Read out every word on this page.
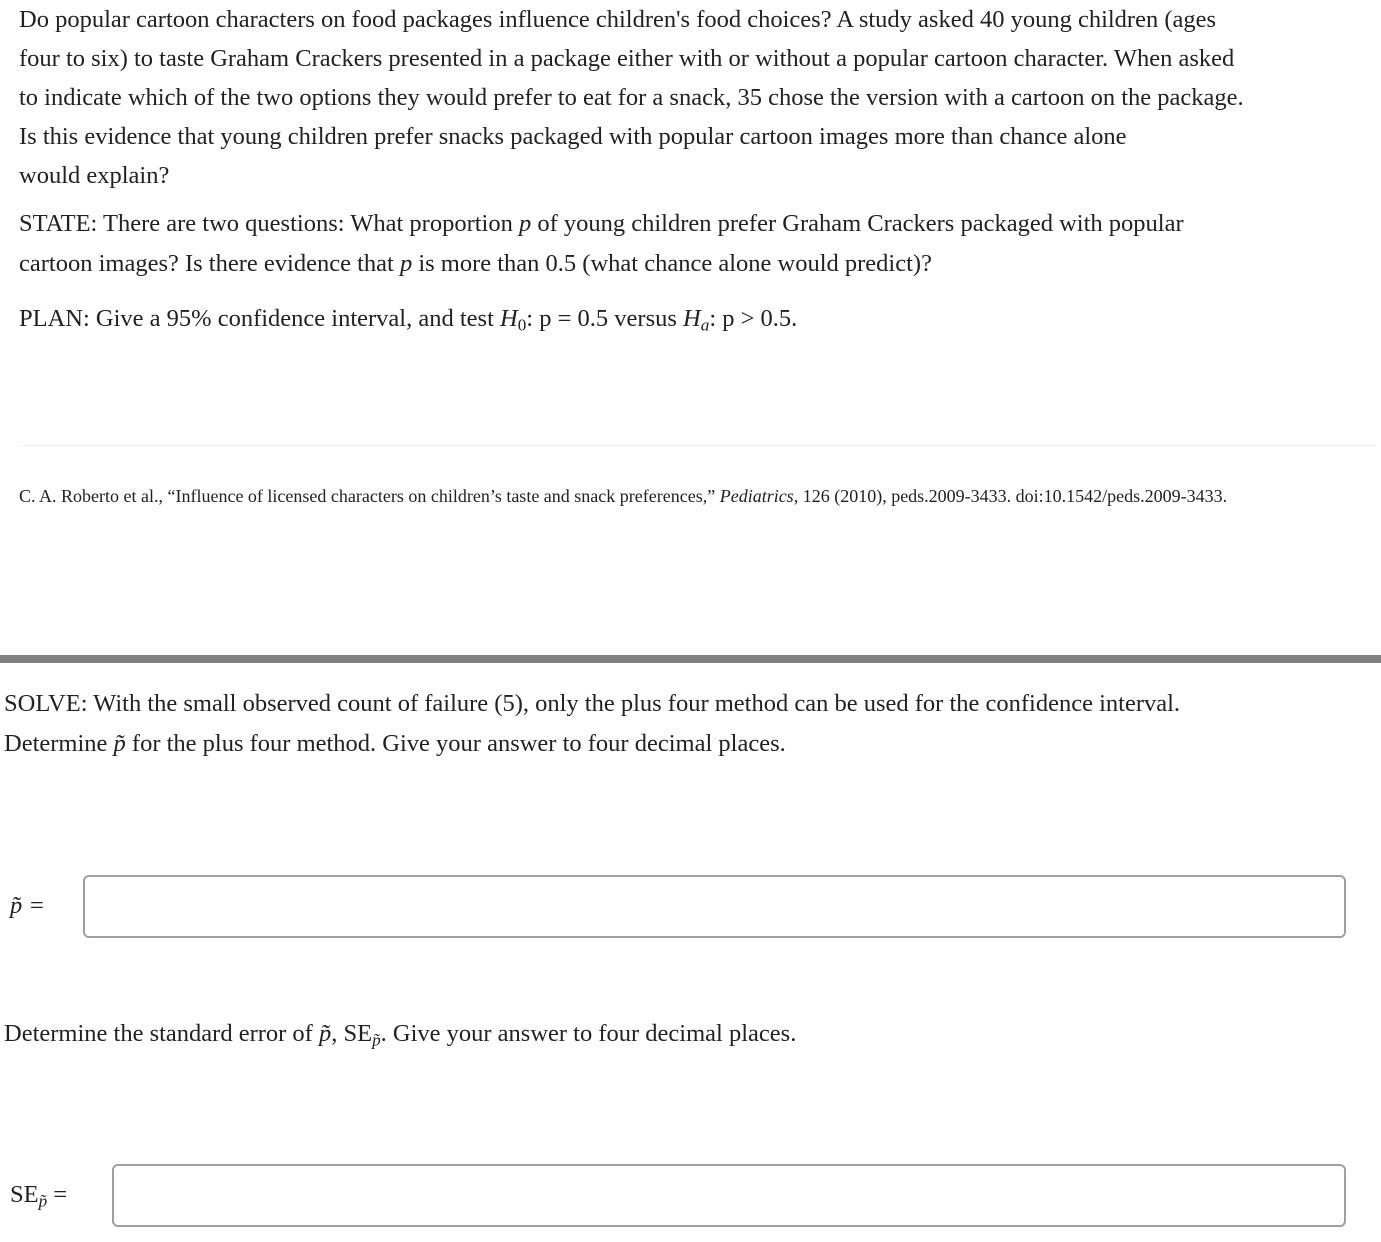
Do popular cartoon characters on food packages influence children's food choices? A study asked 40 young children (ages
four to six) to taste Graham Crackers presented in a package either with or without a popular cartoon character. When asked
to indicate which of the two options they would prefer to eat for a snack, 35 chose the version with a cartoon on the package.
Is this evidence that young children prefer snacks packaged with popular cartoon images more than chance alone
would explain?
STATE: There are two questions: What proportion p of young children prefer Graham Crackers packaged with popular
cartoon images? Is there evidence that p is more than 0.5 (what chance alone would predict)?
PLAN: Give a 95% confidence interval, and test $H_0$: p = 0.5 versus $H_a$: p > 0.5.
C. A. Roberto et al., “Influence of licensed characters on children’s taste and snack preferences,” Pediatrics, 126 (2010), peds.2009-3433. doi:10.1542/peds.2009-3433.
SOLVE: With the small observed count of failure (5), only the plus four method can be used for the confidence interval.
Determine p̃ for the plus four method. Give your answer to four decimal places.
p̃ =
Determine the standard error of p̃, $SE_{p̃}$. Give your answer to four decimal places.
$SE_{p̃}$ =
